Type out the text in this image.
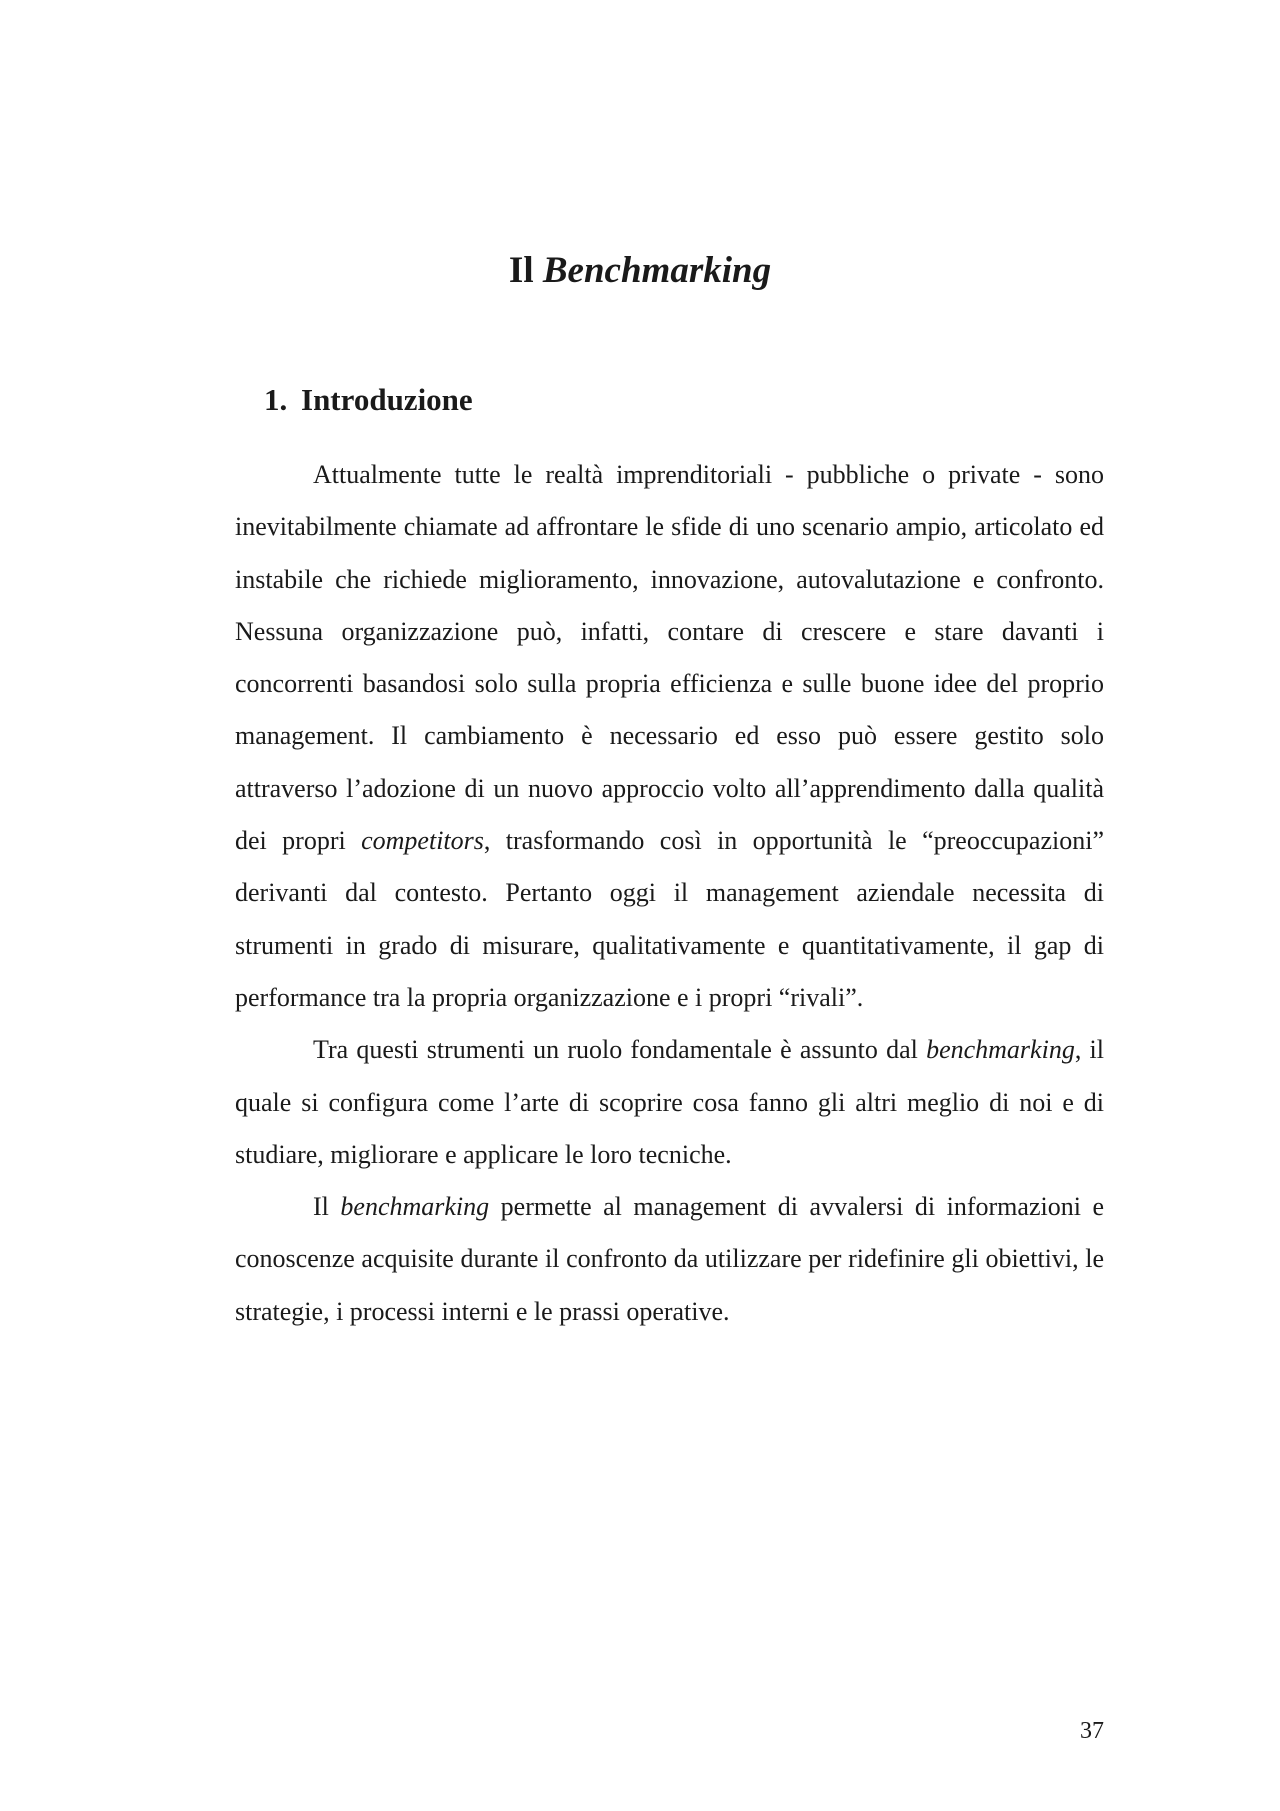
Il Benchmarking
1. Introduzione

Attualmente tutte le realtà imprenditoriali - pubbliche o private - sono inevitabilmente chiamate ad affrontare le sfide di uno scenario ampio, articolato ed instabile che richiede miglioramento, innovazione, autovalutazione e confronto. Nessuna organizzazione può, infatti, contare di crescere e stare davanti i concorrenti basandosi solo sulla propria efficienza e sulle buone idee del proprio management. Il cambiamento è necessario ed esso può essere gestito solo attraverso l’adozione di un nuovo approccio volto all’apprendimento dalla qualità dei propri competitors, trasformando così in opportunità le “preoccupazioni” derivanti dal contesto. Pertanto oggi il management aziendale necessita di strumenti in grado di misurare, qualitativamente e quantitativamente, il gap di performance tra la propria organizzazione e i propri “rivali”.

Tra questi strumenti un ruolo fondamentale è assunto dal benchmarking, il quale si configura come l’arte di scoprire cosa fanno gli altri meglio di noi e di studiare, migliorare e applicare le loro tecniche.

Il benchmarking permette al management di avvalersi di informazioni e conoscenze acquisite durante il confronto da utilizzare per ridefinire gli obiettivi, le strategie, i processi interni e le prassi operative.

37
